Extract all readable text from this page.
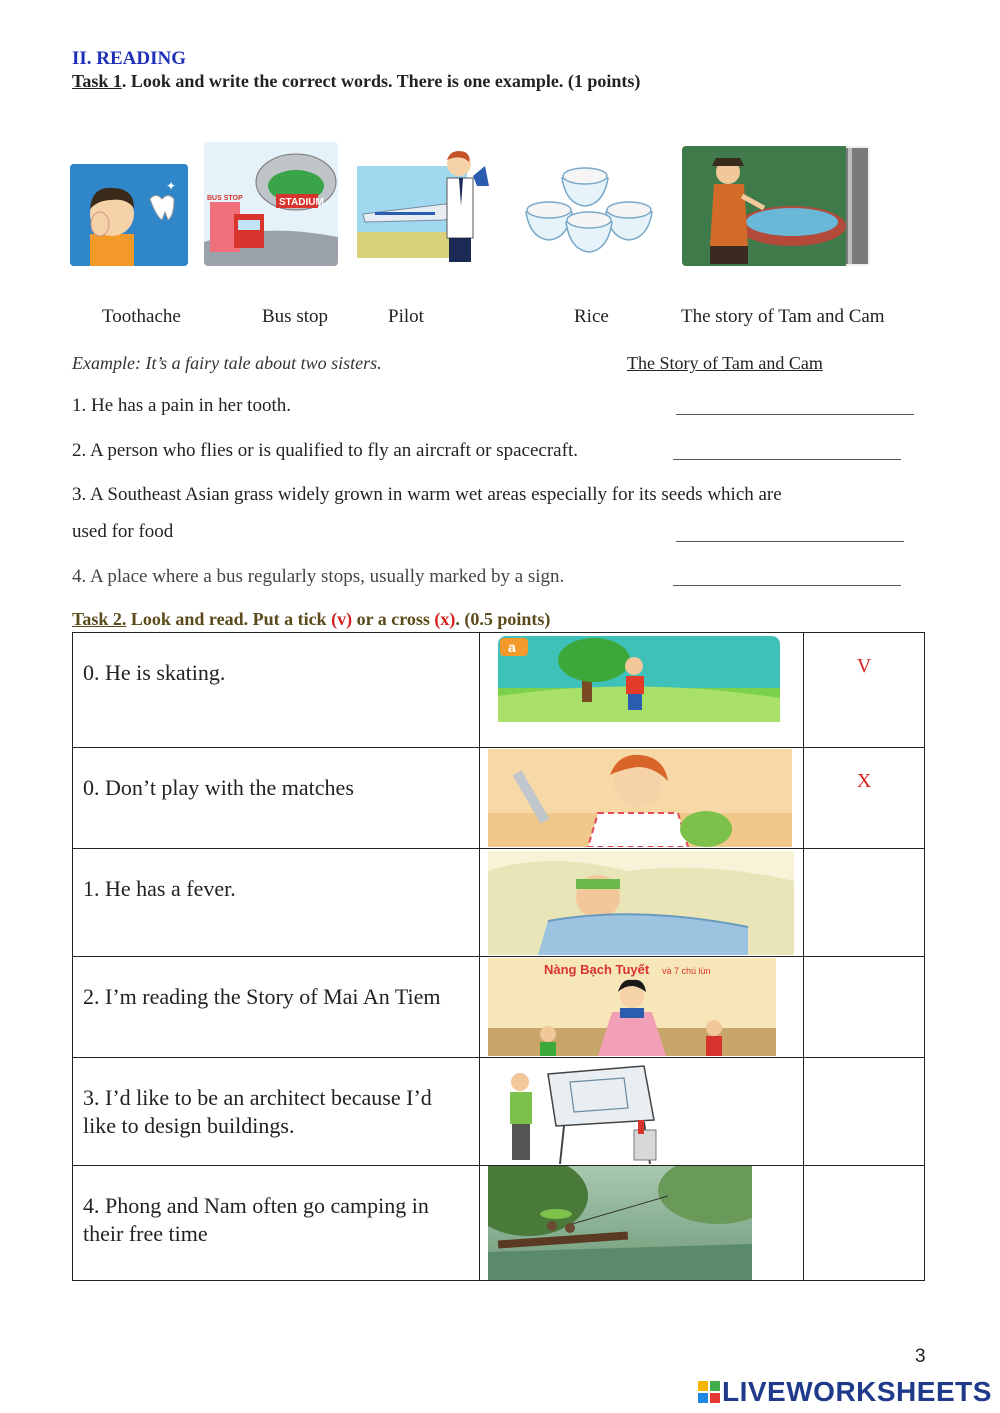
II. READING
Task 1. Look and write the correct words. There is one example. (1 points)
✦
STADIUM
BUS STOP
Toothache	Bus stop	Pilot	Rice	The story of Tam and Cam
Example: It’s a fairy tale about two sisters.	The Story of Tam and Cam
1. He has a pain in her tooth.
2. A person who flies or is qualified to fly an aircraft or spacecraft.
3. A Southeast Asian grass widely grown in warm wet areas especially for its seeds which are
used for food
4. A place where a bus regularly stops, usually marked by a sign.
Task 2. Look and read. Put a tick (v) or a cross (x). (0.5 points)
0. He is skating.	a	V

0. Don’t play with the matches		X

1. He has a fever.

2. I’m reading the Story of Mai An Tiem	Nàng Bạch Tuyết và 7 chú lùn	

3. I’d like to be an architect because I’d like to design buildings.

4. Phong and Nam often go camping in their free time

3
LIVEWORKSHEETS
